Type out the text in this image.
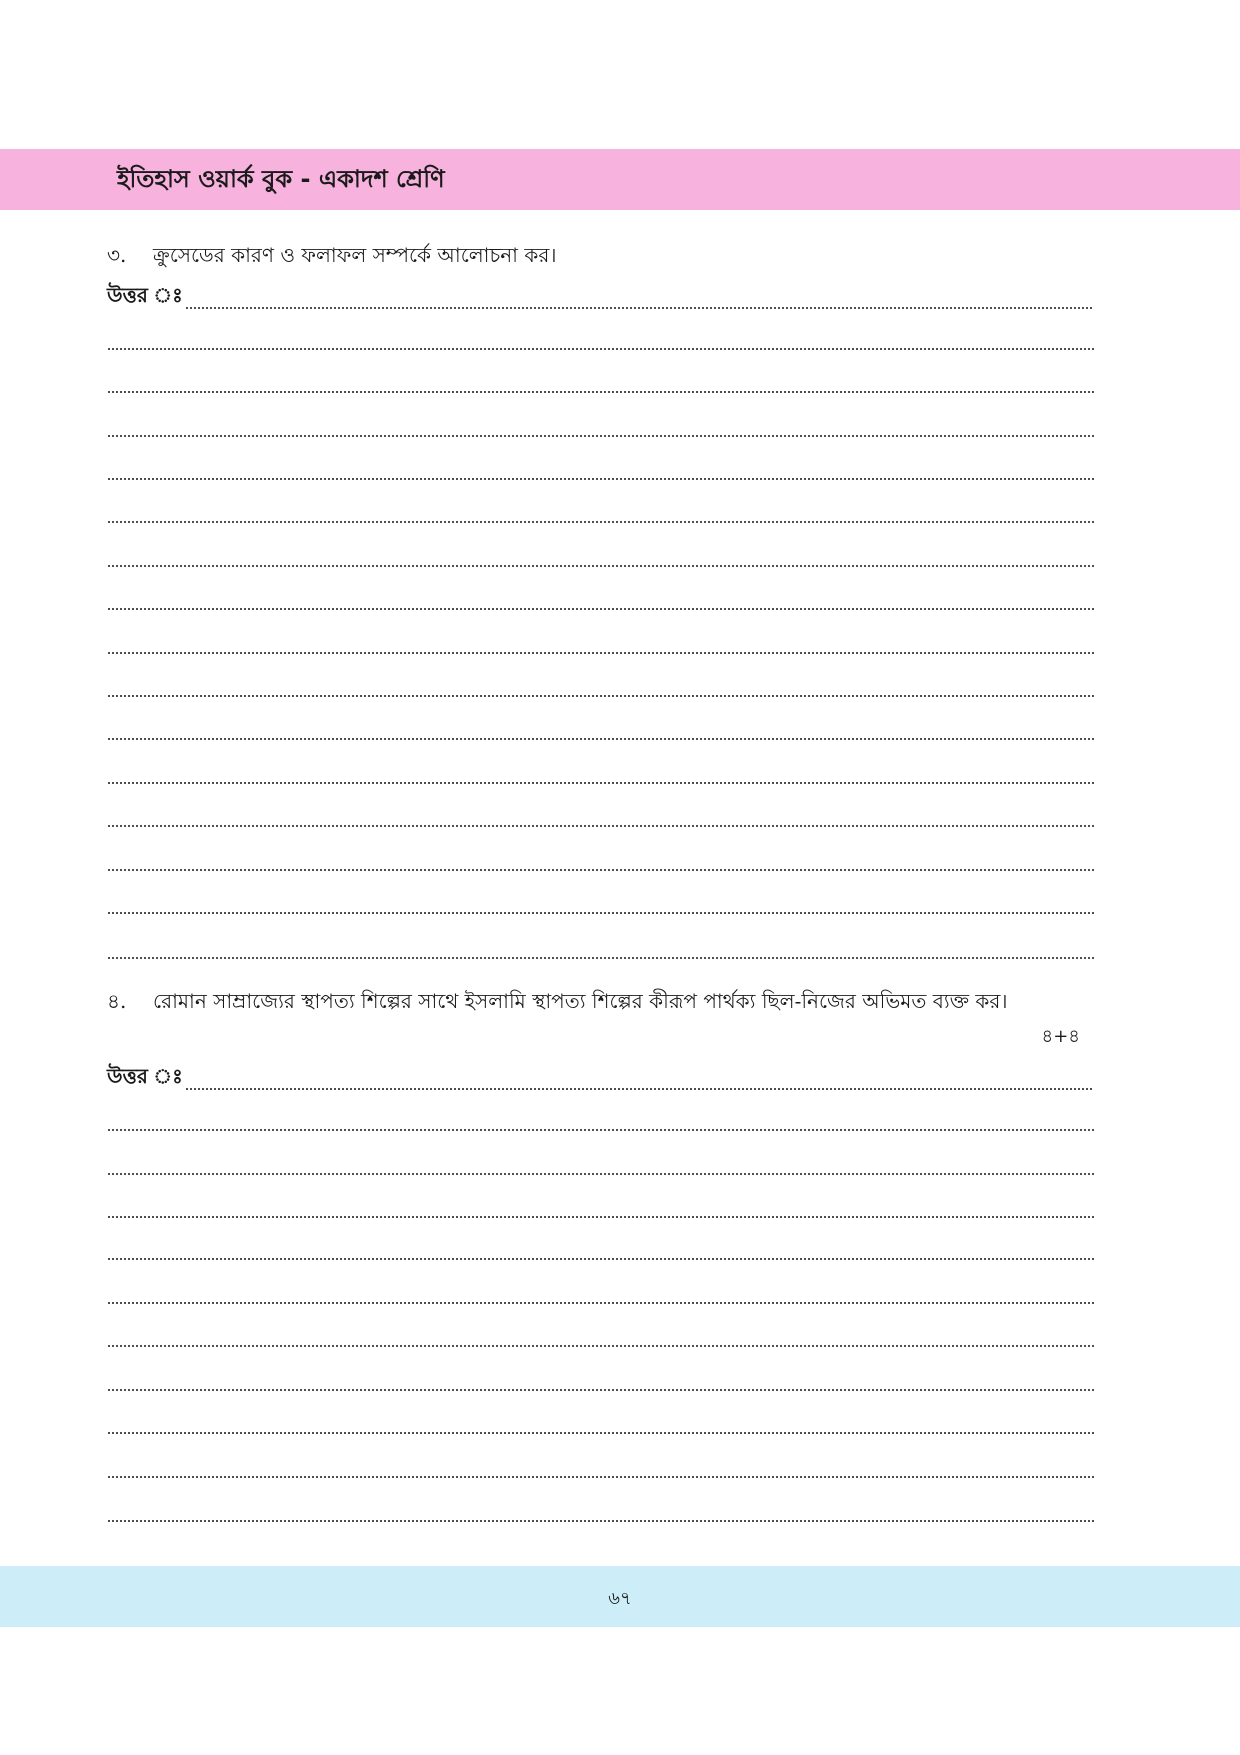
ইতিহাস ওয়ার্ক বুক - একাদশ শ্রেণি
৩. ক্রুসেডের কারণ ও ফলাফল সম্পর্কে আলোচনা কর।
উত্তর ঃ
৪. রোমান সাম্রাজ্যের স্থাপত্য শিল্পের সাথে ইসলামি স্থাপত্য শিল্পের কীরূপ পার্থক্য ছিল-নিজের অভিমত ব্যক্ত কর।
৪+৪
উত্তর ঃ
৬৭
